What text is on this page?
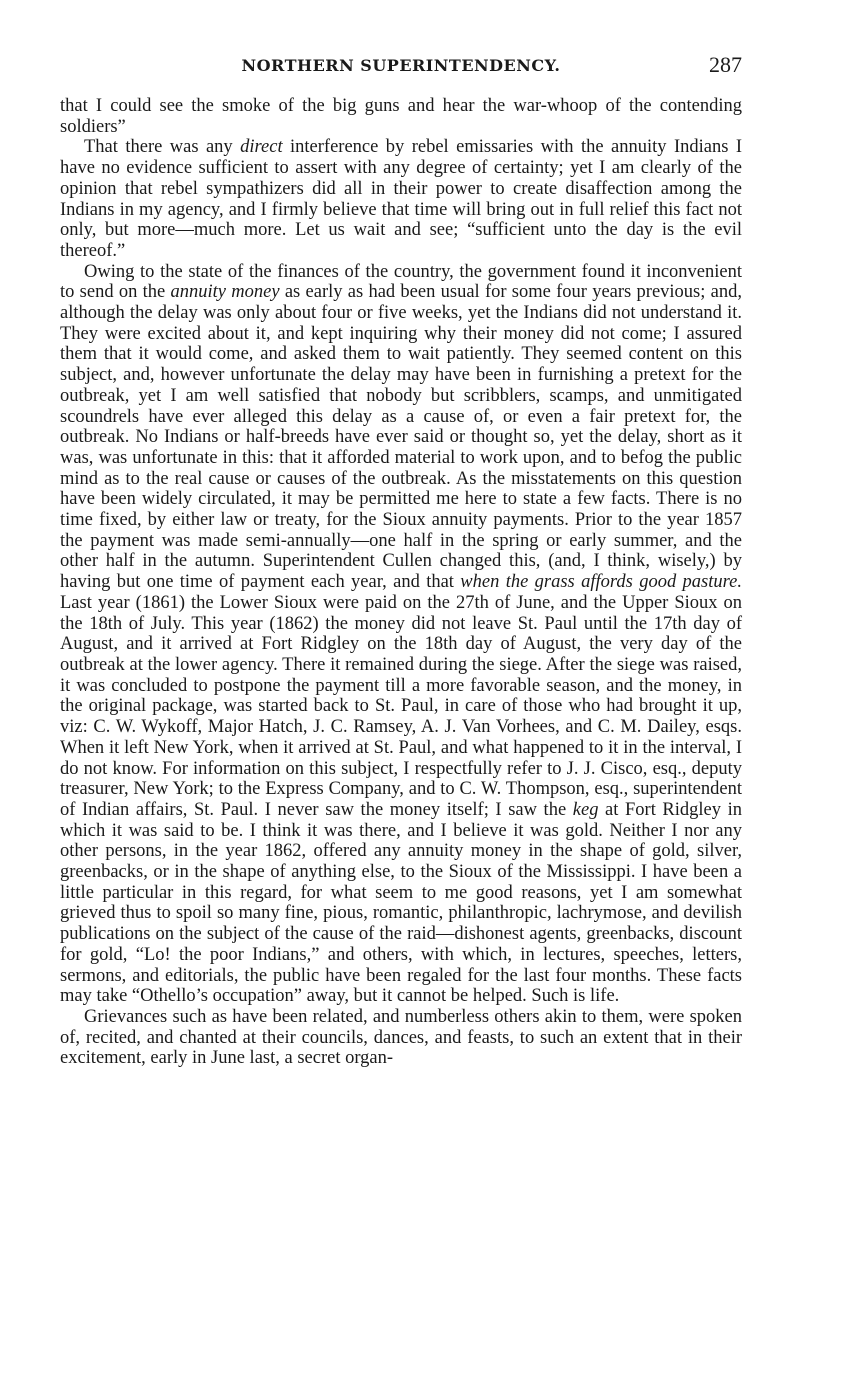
NORTHERN SUPERINTENDENCY.	287

that I could see the smoke of the big guns and hear the war-whoop of the contending soldiers”

That there was any direct interference by rebel emissaries with the annuity Indians I have no evidence sufficient to assert with any degree of certainty; yet I am clearly of the opinion that rebel sympathizers did all in their power to create disaffection among the Indians in my agency, and I firmly believe that time will bring out in full relief this fact not only, but more—much more. Let us wait and see; “sufficient unto the day is the evil thereof.”

Owing to the state of the finances of the country, the government found it inconvenient to send on the annuity money as early as had been usual for some four years previous; and, although the delay was only about four or five weeks, yet the Indians did not understand it. They were excited about it, and kept inquiring why their money did not come; I assured them that it would come, and asked them to wait patiently. They seemed content on this subject, and, however unfortunate the delay may have been in furnishing a pretext for the outbreak, yet I am well satisfied that nobody but scribblers, scamps, and unmitigated scoundrels have ever alleged this delay as a cause of, or even a fair pretext for, the outbreak. No Indians or half-breeds have ever said or thought so, yet the delay, short as it was, was unfortunate in this: that it afforded material to work upon, and to befog the public mind as to the real cause or causes of the outbreak. As the misstatements on this question have been widely circulated, it may be permitted me here to state a few facts. There is no time fixed, by either law or treaty, for the Sioux annuity payments. Prior to the year 1857 the payment was made semi-annually—one half in the spring or early summer, and the other half in the autumn. Superintendent Cullen changed this, (and, I think, wisely,) by having but one time of payment each year, and that when the grass affords good pasture. Last year (1861) the Lower Sioux were paid on the 27th of June, and the Upper Sioux on the 18th of July. This year (1862) the money did not leave St. Paul until the 17th day of August, and it arrived at Fort Ridgley on the 18th day of August, the very day of the outbreak at the lower agency. There it remained during the siege. After the siege was raised, it was concluded to postpone the payment till a more favorable season, and the money, in the original package, was started back to St. Paul, in care of those who had brought it up, viz: C. W. Wykoff, Major Hatch, J. C. Ramsey, A. J. Van Vorhees, and C. M. Dailey, esqs. When it left New York, when it arrived at St. Paul, and what happened to it in the interval, I do not know. For information on this subject, I respectfully refer to J. J. Cisco, esq., deputy treasurer, New York; to the Express Company, and to C. W. Thompson, esq., superintendent of Indian affairs, St. Paul. I never saw the money itself; I saw the keg at Fort Ridgley in which it was said to be. I think it was there, and I believe it was gold. Neither I nor any other persons, in the year 1862, offered any annuity money in the shape of gold, silver, greenbacks, or in the shape of anything else, to the Sioux of the Mississippi. I have been a little particular in this regard, for what seem to me good reasons, yet I am somewhat grieved thus to spoil so many fine, pious, romantic, philanthropic, lachrymose, and devilish publications on the subject of the cause of the raid—dishonest agents, greenbacks, discount for gold, “Lo! the poor Indians,” and others, with which, in lectures, speeches, letters, sermons, and editorials, the public have been regaled for the last four months. These facts may take “Othello’s occupation” away, but it cannot be helped. Such is life.

Grievances such as have been related, and numberless others akin to them, were spoken of, recited, and chanted at their councils, dances, and feasts, to such an extent that in their excitement, early in June last, a secret organ-
